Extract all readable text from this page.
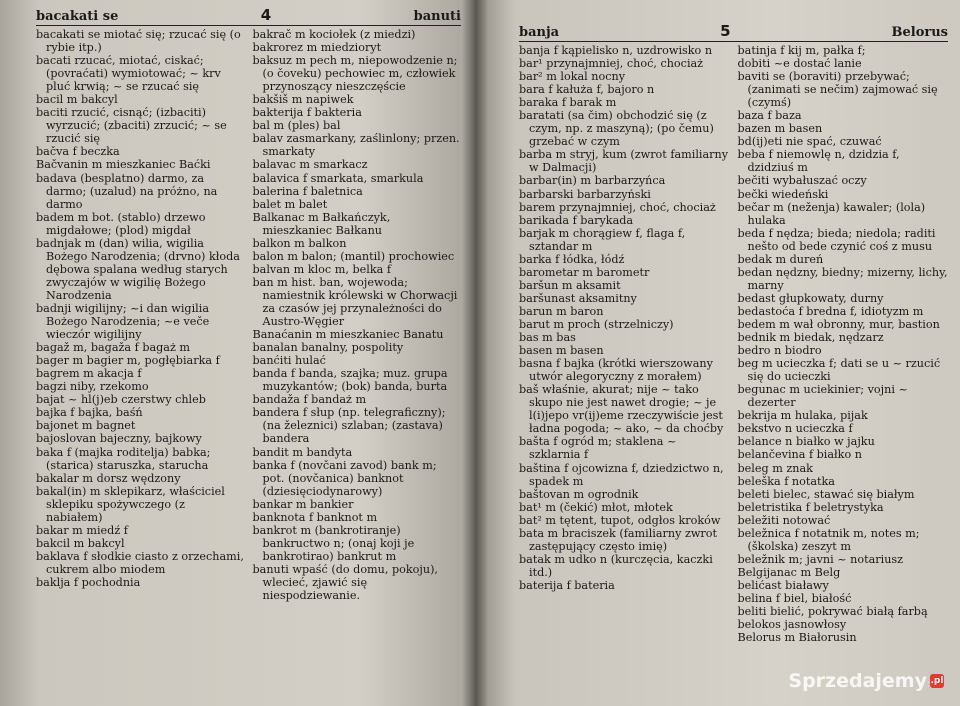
bacakati se	4	banuti

bacakati se miotać się; rzucać się (o rybie itp.)

bacati rzucać, miotać, ciskać; (povraćati) wymiotować; ~ krv pluć krwią; ~ se rzucać się

bacil m bakcyl

baciti rzucić, cisnąć; (izbaciti) wyrzucić; (zbaciti) zrzucić; ~ se rzucić się

bačva f beczka

Bačvanin m mieszkaniec Baćki

badava (besplatno) darmo, za darmo; (uzalud) na próżno, na darmo

badem m bot. (stablo) drzewo migdałowe; (plod) migdał

badnjak m (dan) wilia, wigilia Bożego Narodzenia; (drvno) kłoda dębowa spalana według starych zwyczajów w wigilię Bożego Narodzenia

badnji wigilijny; ~i dan wigilia Bożego Narodzenia; ~e veče wieczór wigilijny

bagaž m, bagaža f bagaż m

bager m bagier m, pogłębiarka f

bagrem m akacja f

bagzi niby, rzekomo

bajat ~ hl(j)eb czerstwy chleb

bajka f bajka, baśń

bajonet m bagnet

bajoslovan bajeczny, bajkowy

baka f (majka roditelja) babka; (starica) staruszka, starucha

bakalar m dorsz wędzony

bakal(in) m sklepikarz, właściciel sklepiku spożywczego (z nabiałem)

bakar m miedź f

bakcil m bakcyl

baklava f słodkie ciasto z orzechami, cukrem albo miodem

baklja f pochodnia

bakrač m kociołek (z miedzi)

bakrorez m miedzioryt

baksuz m pech m, niepowodzenie n; (o čoveku) pechowiec m, człowiek przynoszący nieszczęście

bakšiš m napiwek

bakterija f bakteria

bal m (ples) bal

balav zasmarkany, zaślinlony; przen. smarkaty

balavac m smarkacz

balavica f smarkata, smarkula

balerina f baletnica

balet m balet

Balkanac m Bałkańczyk, mieszkaniec Bałkanu

balkon m balkon

balon m balon; (mantil) prochowiec

balvan m kloc m, belka f

ban m hist. ban, wojewoda; namiestnik królewski w Chorwacji za czasów jej przynależności do Austro-Węgier

Banaćanin m mieszkaniec Banatu

banalan banalny, pospolity

banćiti hulać

banda f banda, szajka; muz. grupa muzykantów; (bok) banda, burta

bandaža f bandaż m

bandera f słup (np. telegraficzny); (na železnici) szlaban; (zastava) bandera

bandit m bandyta

banka f (novčani zavod) bank m; pot. (novčanica) banknot (dziesięciodynarowy)

bankar m bankier

banknota f banknot m

bankrot m (bankrotiranje) bankructwo n; (onaj koji je bankrotirao) bankrut m

banuti wpaść (do domu, pokoju), wlecieć, zjawić się niespodziewanie.

banja	5	Belorus

banja f kąpielisko n, uzdrowisko n

bar¹ przynajmniej, choć, chociaż

bar² m lokal nocny

bara f kałuża f, bajoro n

baraka f barak m

baratati (sa čim) obchodzić się (z czym, np. z maszyną); (po čemu) grzebać w czym

barba m stryj, kum (zwrot familiarny w Dalmacji)

barbar(in) m barbarzyńca

barbarski barbarzyński

barem przynajmniej, choć, chociaż

barikada f barykada

barjak m chorągiew f, flaga f, sztandar m

barka f łódka, łódź

barometar m barometr

baršun m aksamit

baršunast aksamitny

barun m baron

barut m proch (strzelniczy)

bas m bas

basen m basen

basna f bajka (krótki wierszowany utwór alegoryczny z morałem)

baš właśnie, akurat; nije ~ tako skupo nie jest nawet drogie; ~ je l(i)jepo vr(ij)eme rzeczywiście jest ładna pogoda; ~ ako, ~ da choćby

bašta f ogród m; staklena ~ szklarnia f

baština f ojcowizna f, dziedzictwo n, spadek m

baštovan m ogrodnik

bat¹ m (čekić) młot, młotek

bat² m tętent, tupot, odgłos kroków

bata m braciszek (familiarny zwrot zastępujący często imię)

batak m udko n (kurczęcia, kaczki itd.)

baterija f bateria

batinja f kij m, pałka f;

dobiti ~e dostać lanie

baviti se (boraviti) przebywać; (zanimati se nečim) zajmować się (czymś)

baza f baza

bazen m basen

bd(ij)eti nie spać, czuwać

beba f niemowlę n, dzidzia f, dzidziuś m

bečiti wybałuszać oczy

bečki wiedeński

bečar m (neženja) kawaler; (lola) hulaka

beda f nędza; bieda; niedola; raditi nešto od bede czynić coś z musu

bedak m dureń

bedan nędzny, biedny; mizerny, lichy, marny

bedast głupkowaty, durny

bedastoća f bredna f, idiotyzm m

bedem m wał obronny, mur, bastion

bednik m biedak, nędzarz

bedro n biodro

beg m ucieczka f; dati se u ~ rzucić się do ucieczki

begunac m uciekinier; vojni ~ dezerter

bekrija m hulaka, pijak

bekstvo n ucieczka f

belance n białko w jajku

belančevina f białko n

beleg m znak

beleška f notatka

beleti bielec, stawać się białym

beletristika f beletrystyka

beležiti notować

beležnica f notatnik m, notes m; (školska) zeszyt m

beležnik m; javni ~ notariusz

Belgijanac m Belg

belićast białawy

belina f biel, białość

beliti bielić, pokrywać białą farbą

belokos jasnowłosy

Belorus m Białorusin

Sprzedajemy .pl
